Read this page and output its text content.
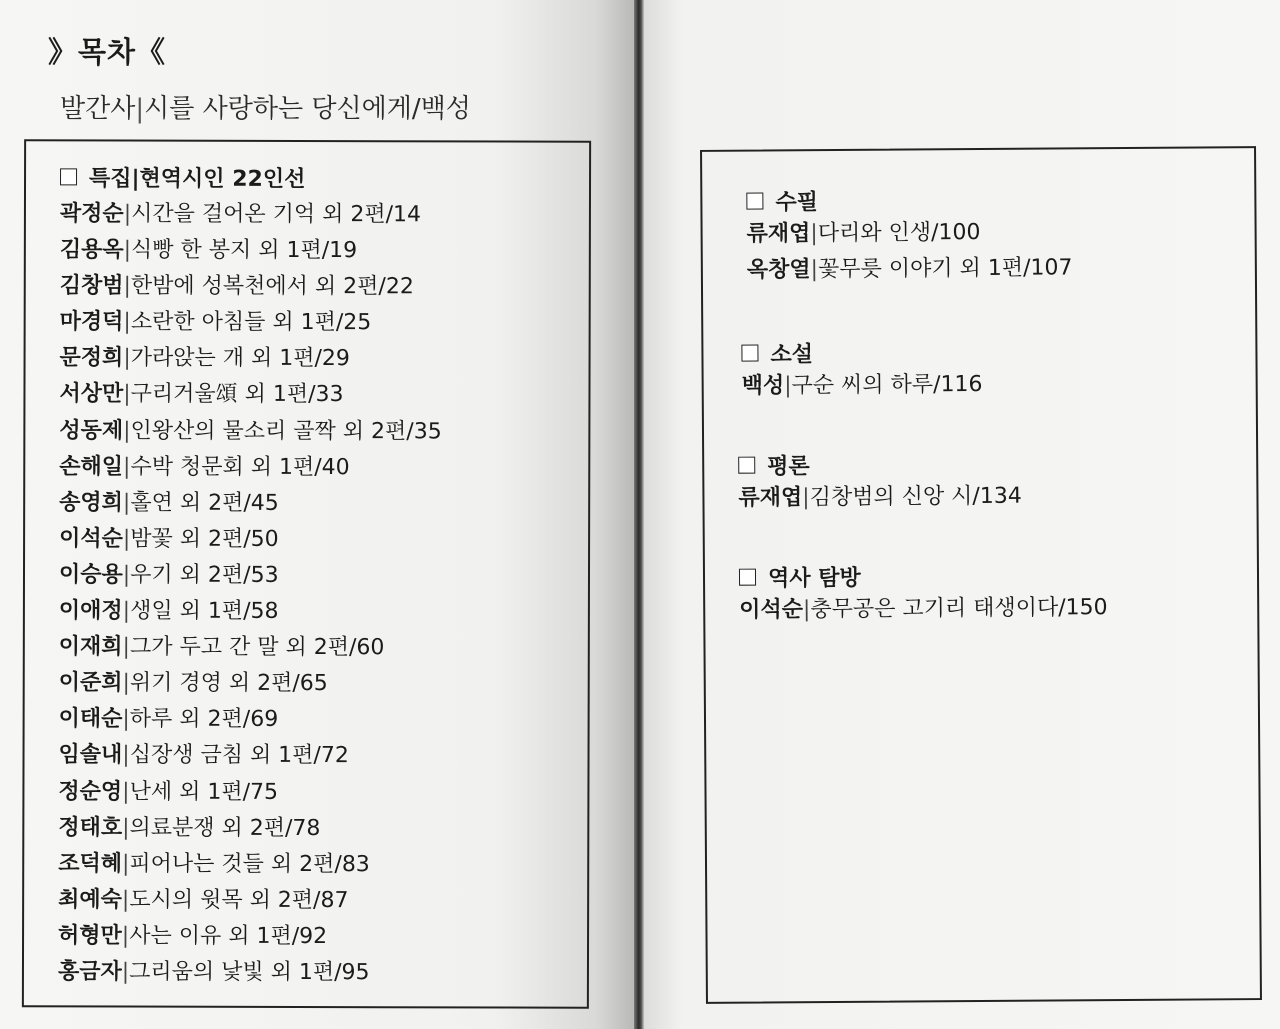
》목차《
발간사|시를 사랑하는 당신에게/백성
특집|현역시인 22인선
곽정순|시간을 걸어온 기억 외 2편/14
김용옥|식빵 한 봉지 외 1편/19
김창범|한밤에 성복천에서 외 2편/22
마경덕|소란한 아침들 외 1편/25
문정희|가라앉는 개 외 1편/29
서상만|구리거울頌 외 1편/33
성동제|인왕산의 물소리 골짝 외 2편/35
손해일|수박 청문회 외 1편/40
송영희|홀연 외 2편/45
이석순|밤꽃 외 2편/50
이승용|우기 외 2편/53
이애정|생일 외 1편/58
이재희|그가 두고 간 말 외 2편/60
이준희|위기 경영 외 2편/65
이태순|하루 외 2편/69
임솔내|십장생 금침 외 1편/72
정순영|난세 외 1편/75
정태호|의료분쟁 외 2편/78
조덕혜|피어나는 것들 외 2편/83
최예숙|도시의 윗목 외 2편/87
허형만|사는 이유 외 1편/92
홍금자|그리움의 낯빛 외 1편/95
수필
류재엽|다리와 인생/100
옥창열|꽃무릇 이야기 외 1편/107
소설
백성|구순 씨의 하루/116
평론
류재엽|김창범의 신앙 시/134
역사 탐방
이석순|충무공은 고기리 태생이다/150
